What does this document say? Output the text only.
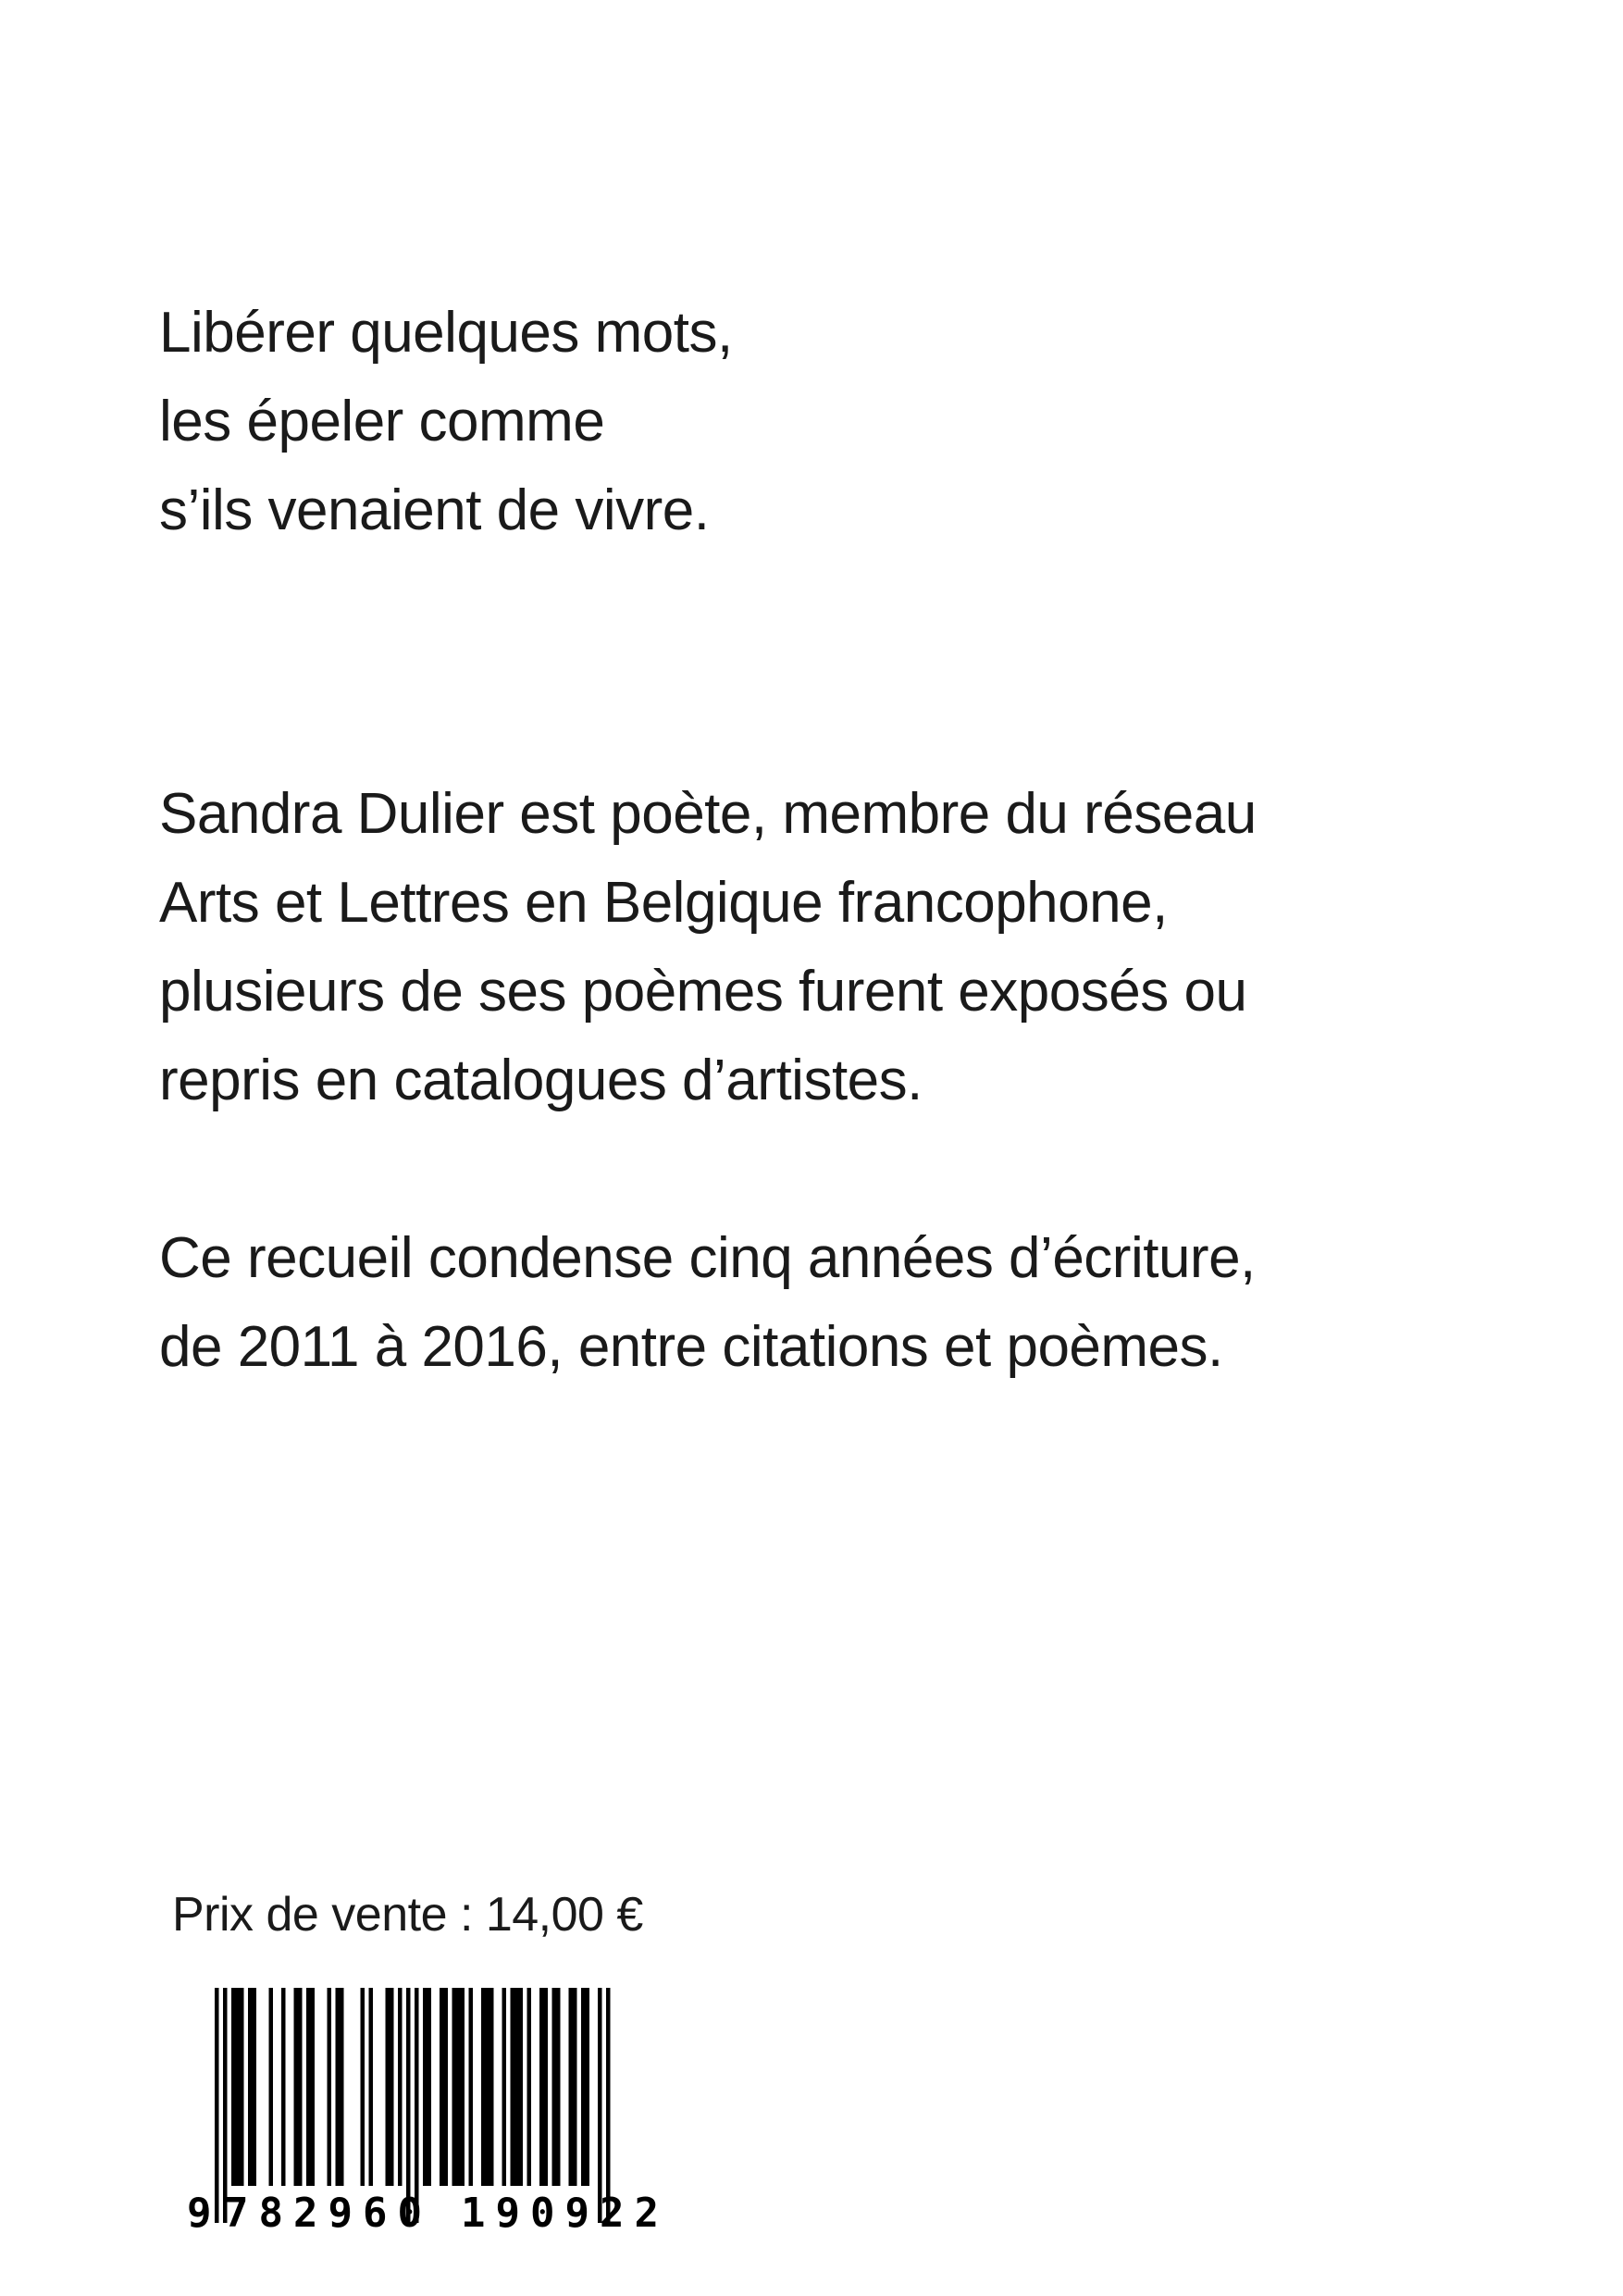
Libérer quelques mots,
les épeler comme
s’ils venaient de vivre.
Sandra Dulier est poète, membre du réseau
Arts et Lettres en Belgique francophone,
plusieurs de ses poèmes furent exposés ou
repris en catalogues d’artistes.
Ce recueil condense cinq années d’écriture,
de 2011 à 2016, entre citations et poèmes.
Prix de vente : 14,00 €
9 782960 190922
